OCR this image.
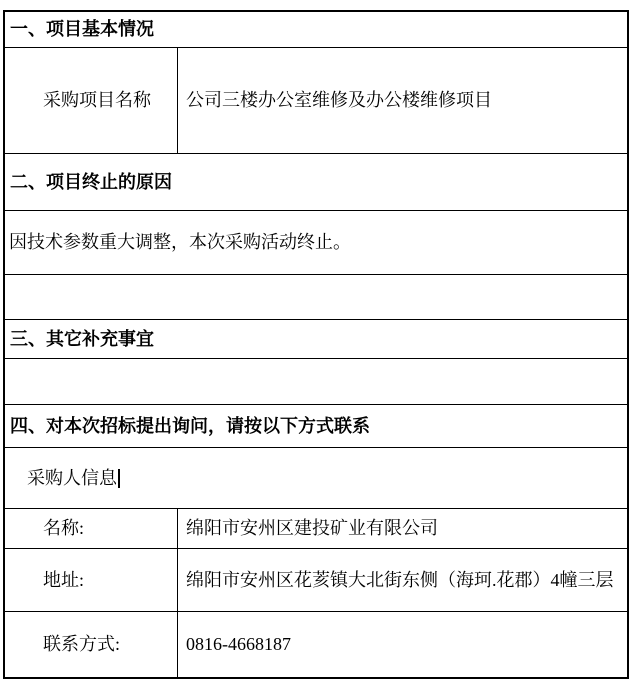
一、项目基本情况
采购项目名称	公司三楼办公室维修及办公楼维修项目
二、项目终止的原因
因技术参数重大调整，本次采购活动终止。
三、其它补充事宜
四、对本次招标提出询问，请按以下方式联系
采购人信息
名称:	绵阳市安州区建投矿业有限公司
地址:	绵阳市安州区花荄镇大北街东侧（海珂.花郡）4幢三层
联系方式:	0816-4668187
